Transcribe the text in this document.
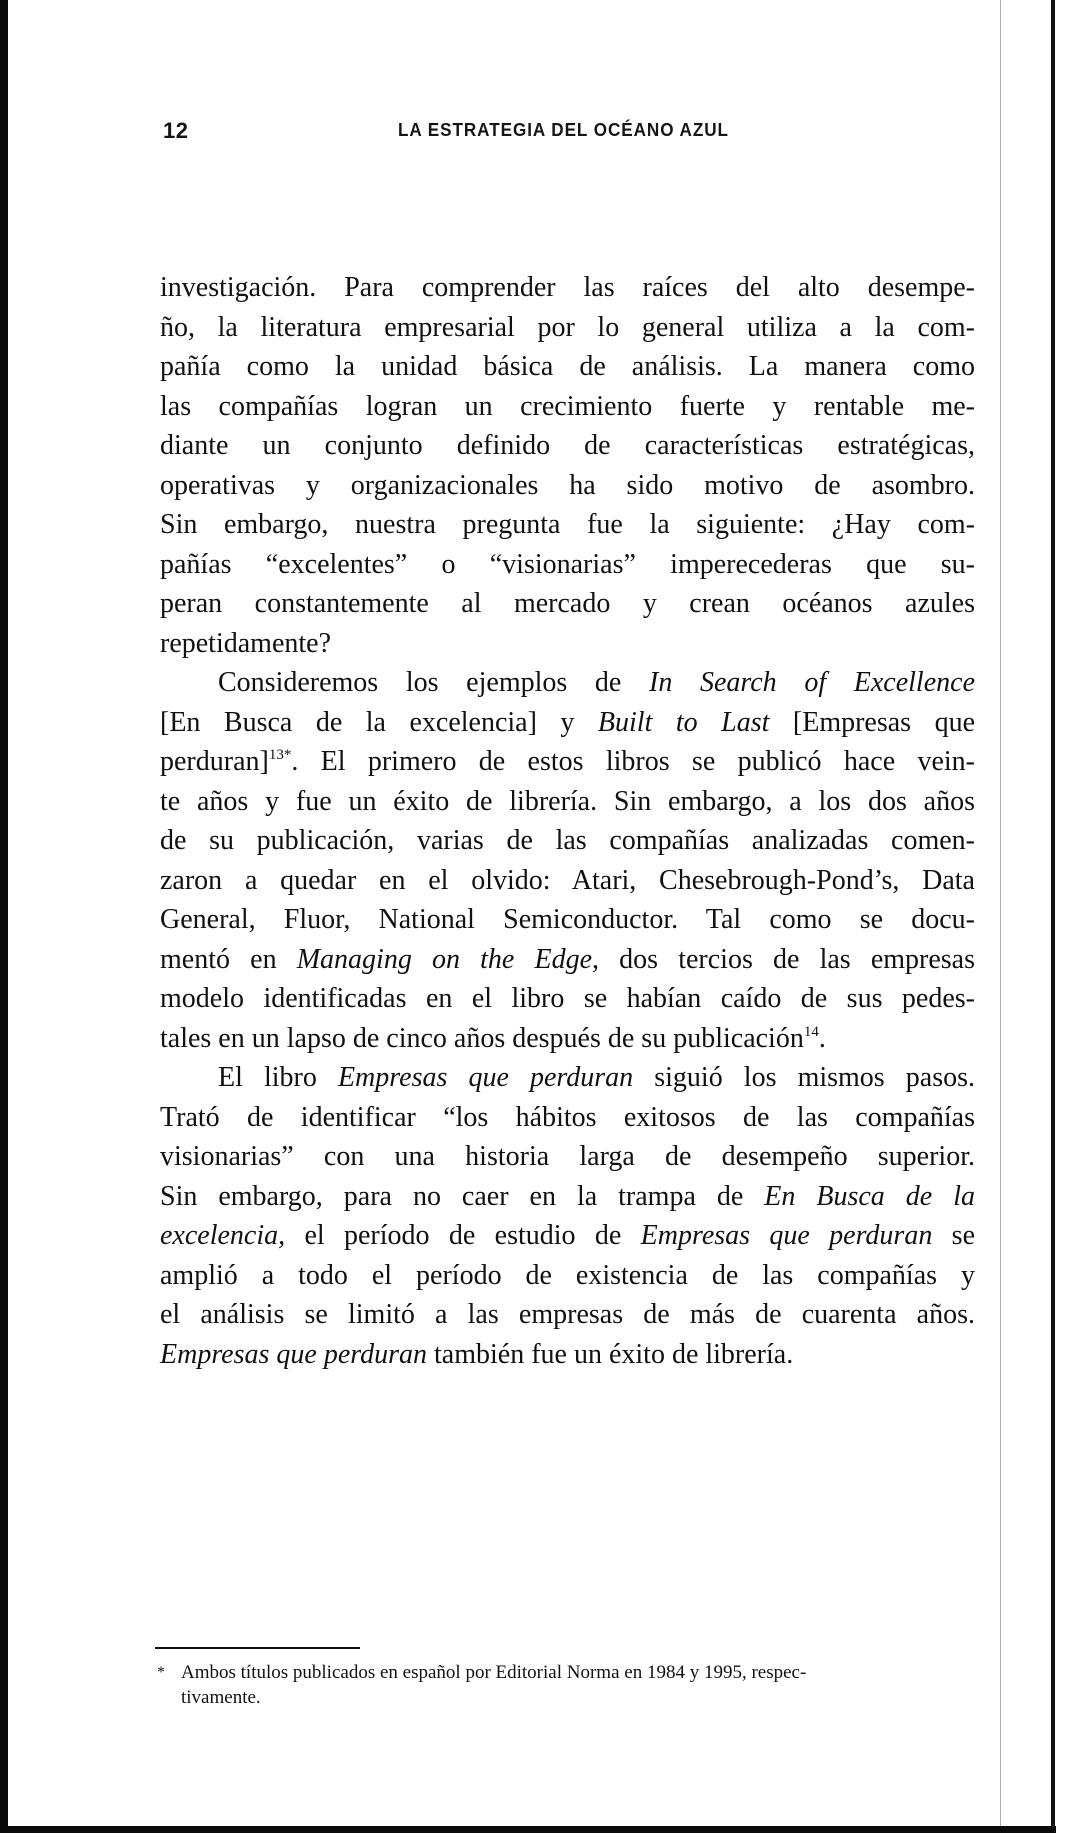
12	LA ESTRATEGIA DEL OCÉANO AZUL

investigación. Para comprender las raíces del alto desempe-
ño, la literatura empresarial por lo general utiliza a la com-
pañía como la unidad básica de análisis. La manera como
las compañías logran un crecimiento fuerte y rentable me-
diante un conjunto definido de características estratégicas,
operativas y organizacionales ha sido motivo de asombro.
Sin embargo, nuestra pregunta fue la siguiente: ¿Hay com-
pañías “excelentes” o “visionarias” imperecederas que su-
peran constantemente al mercado y crean océanos azules
repetidamente?

Consideremos los ejemplos de In Search of Excellence
[En Busca de la excelencia] y Built to Last [Empresas que
perduran]$^{13*}$. El primero de estos libros se publicó hace vein-
te años y fue un éxito de librería. Sin embargo, a los dos años
de su publicación, varias de las compañías analizadas comen-
zaron a quedar en el olvido: Atari, Chesebrough-Pond’s, Data
General, Fluor, National Semiconductor. Tal como se docu-
mentó en Managing on the Edge, dos tercios de las empresas
modelo identificadas en el libro se habían caído de sus pedes-
tales en un lapso de cinco años después de su publicación$^{14}$.

El libro Empresas que perduran siguió los mismos pasos.
Trató de identificar “los hábitos exitosos de las compañías
visionarias” con una historia larga de desempeño superior.
Sin embargo, para no caer en la trampa de En Busca de la
excelencia, el período de estudio de Empresas que perduran se
amplió a todo el período de existencia de las compañías y
el análisis se limitó a las empresas de más de cuarenta años.
Empresas que perduran también fue un éxito de librería.

* Ambos títulos publicados en español por Editorial Norma en 1984 y 1995, respec-
tivamente.
